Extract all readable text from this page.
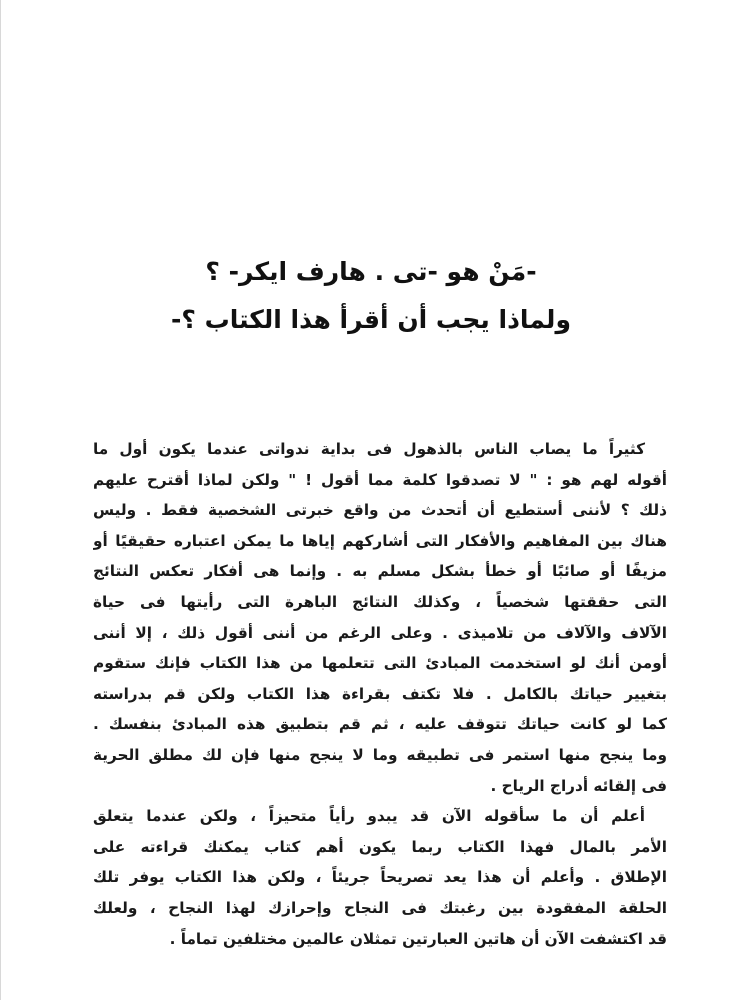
-مَنْ هو -تى . هارف ايكر- ؟
ولماذا يجب أن أقرأ هذا الكتاب ؟-
كثيراً ما يصاب الناس بالذهول فى بداية ندواتى عندما يكون أول ما
أقوله لهم هو : " لا تصدقوا كلمة مما أقول ! " ولكن لماذا أقترح عليهم
ذلك ؟ لأننى أستطيع أن أتحدث من واقع خبرتى الشخصية فقط . وليس
هناك بين المفاهيم والأفكار التى أشاركهم إياها ما يمكن اعتباره حقيقيًا أو
مزيفًا أو صائبًا أو خطأ بشكل مسلم به . وإنما هى أفكار تعكس النتائج
التى حققتها شخصياً ، وكذلك النتائج الباهرة التى رأيتها فى حياة
الآلاف والآلاف من تلاميذى . وعلى الرغم من أننى أقول ذلك ، إلا أننى
أومن أنك لو استخدمت المبادئ التى تتعلمها من هذا الكتاب فإنك ستقوم
بتغيير حياتك بالكامل . فلا تكتف بقراءة هذا الكتاب ولكن قم بدراسته
كما لو كانت حياتك تتوقف عليه ، ثم قم بتطبيق هذه المبادئ بنفسك .
وما ينجح منها استمر فى تطبيقه وما لا ينجح منها فإن لك مطلق الحرية
فى إلقائه أدراج الرياح .
أعلم أن ما سأقوله الآن قد يبدو رأياً متحيزاً ، ولكن عندما يتعلق
الأمر بالمال فهذا الكتاب ربما يكون أهم كتاب يمكنك قراءته على
الإطلاق . وأعلم أن هذا يعد تصريحاً جريئاً ، ولكن هذا الكتاب يوفر تلك
الحلقة المفقودة بين رغبتك فى النجاح وإحرازك لهذا النجاح ، ولعلك
قد اكتشفت الآن أن هاتين العبارتين تمثلان عالمين مختلفين تماماً .
